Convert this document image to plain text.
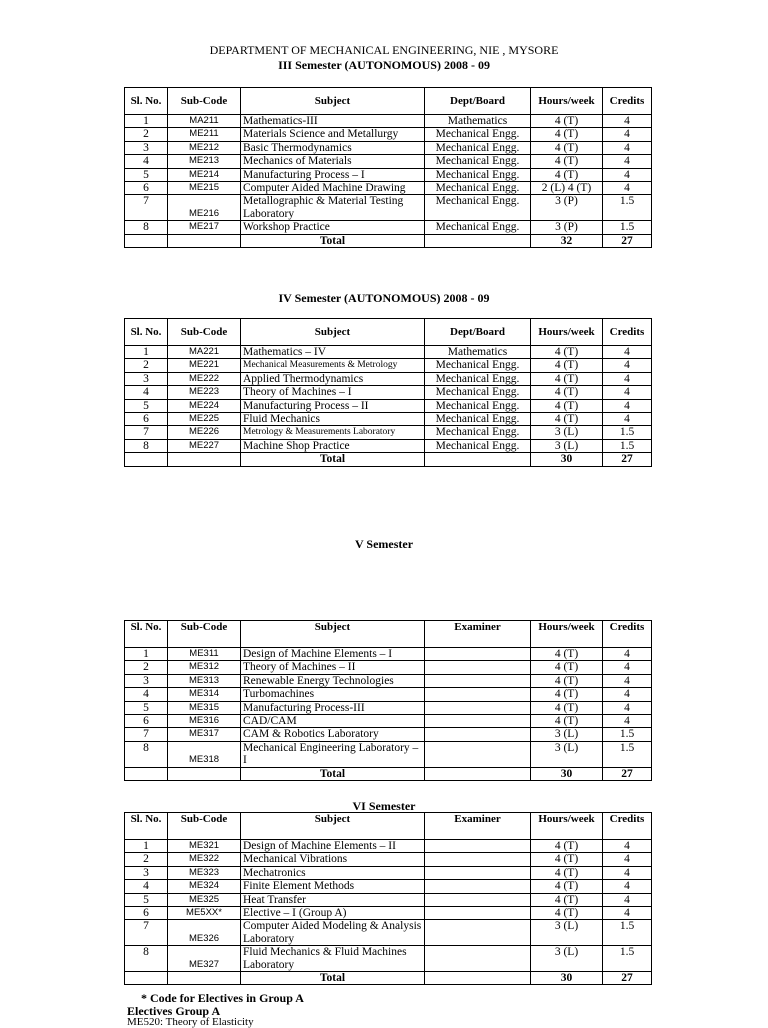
DEPARTMENT OF MECHANICAL ENGINEERING, NIE , MYSORE
III Semester (AUTONOMOUS) 2008 - 09
Sl. No.	Sub-Code	Subject	Dept/Board	Hours/week	Credits
1	MA211	Mathematics-III	Mathematics	4 (T)	4
2	ME211	Materials Science and Metallurgy	Mechanical Engg.	4 (T)	4
3	ME212	Basic Thermodynamics	Mechanical Engg.	4 (T)	4
4	ME213	Mechanics of Materials	Mechanical Engg.	4 (T)	4
5	ME214	Manufacturing Process – I	Mechanical Engg.	4 (T)	4
6	ME215	Computer Aided Machine Drawing	Mechanical Engg.	2 (L) 4 (T)	4
7	ME216	Metallographic & Material Testing Laboratory	Mechanical Engg.	3 (P)	1.5
8	ME217	Workshop Practice	Mechanical Engg.	3 (P)	1.5
		Total		32	27
IV Semester (AUTONOMOUS) 2008 - 09
Sl. No.	Sub-Code	Subject	Dept/Board	Hours/week	Credits
1	MA221	Mathematics – IV	Mathematics	4 (T)	4
2	ME221	Mechanical Measurements & Metrology	Mechanical Engg.	4 (T)	4
3	ME222	Applied Thermodynamics	Mechanical Engg.	4 (T)	4
4	ME223	Theory of Machines – I	Mechanical Engg.	4 (T)	4
5	ME224	Manufacturing Process – II	Mechanical Engg.	4 (T)	4
6	ME225	Fluid Mechanics	Mechanical Engg.	4 (T)	4
7	ME226	Metrology & Measurements Laboratory	Mechanical Engg.	3 (L)	1.5
8	ME227	Machine Shop Practice	Mechanical Engg.	3 (L)	1.5
		Total		30	27
V Semester
Sl. No.	Sub-Code	Subject	Examiner	Hours/week	Credits
1	ME311	Design of Machine Elements – I		4 (T)	4
2	ME312	Theory of Machines – II		4 (T)	4
3	ME313	Renewable Energy Technologies		4 (T)	4
4	ME314	Turbomachines		4 (T)	4
5	ME315	Manufacturing Process-III		4 (T)	4
6	ME316	CAD/CAM		4 (T)	4
7	ME317	CAM & Robotics Laboratory		3 (L)	1.5
8	ME318	Mechanical Engineering Laboratory – I		3 (L)	1.5
		Total		30	27
VI Semester
Sl. No.	Sub-Code	Subject	Examiner	Hours/week	Credits
1	ME321	Design of Machine Elements – II		4 (T)	4
2	ME322	Mechanical Vibrations		4 (T)	4
3	ME323	Mechatronics		4 (T)	4
4	ME324	Finite Element Methods		4 (T)	4
5	ME325	Heat Transfer		4 (T)	4
6	ME5XX*	Elective – I (Group A)		4 (T)	4
7	ME326	Computer Aided Modeling & Analysis Laboratory		3 (L)	1.5
8	ME327	Fluid Mechanics & Fluid Machines Laboratory		3 (L)	1.5
		Total		30	27
* Code for Electives in Group A
Electives Group A
ME520: Theory of Elasticity
